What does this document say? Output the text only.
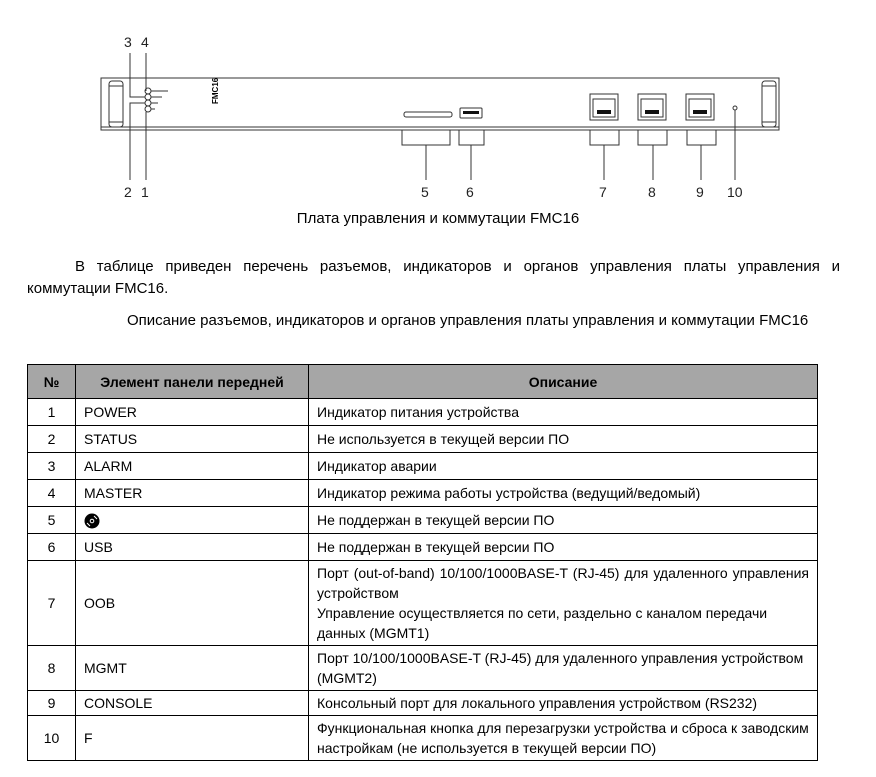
FMC16
3 4
2 1	5	6	7	8	9 10
Плата управления и коммутации FMC16
В таблице приведен перечень разъемов, индикаторов и органов управления платы управления и коммутации FMC16.
Описание разъемов, индикаторов и органов управления платы управления и коммутации FMC16
№	Элемент панели передней	Описание
1	POWER	Индикатор питания устройства
2	STATUS	Не используется в текущей версии ПО
3	ALARM	Индикатор аварии
4	MASTER	Индикатор режима работы устройства (ведущий/ведомый)
5		Не поддержан в текущей версии ПО
6	USB	Не поддержан в текущей версии ПО
7	OOB	Порт (out-of-band) 10/100/1000BASE-T (RJ-45) для удаленного управления устройством
Управление осуществляется по сети, раздельно с каналом передачи данных (MGMT1)

8	MGMT	Порт 10/100/1000BASE-T (RJ-45) для удаленного управления устройством (MGMT2)
9	CONSOLE	Консольный порт для локального управления устройством (RS232)
10	F	Функциональная кнопка для перезагрузки устройства и сброса к заводским настройкам (не используется в текущей версии ПО)
